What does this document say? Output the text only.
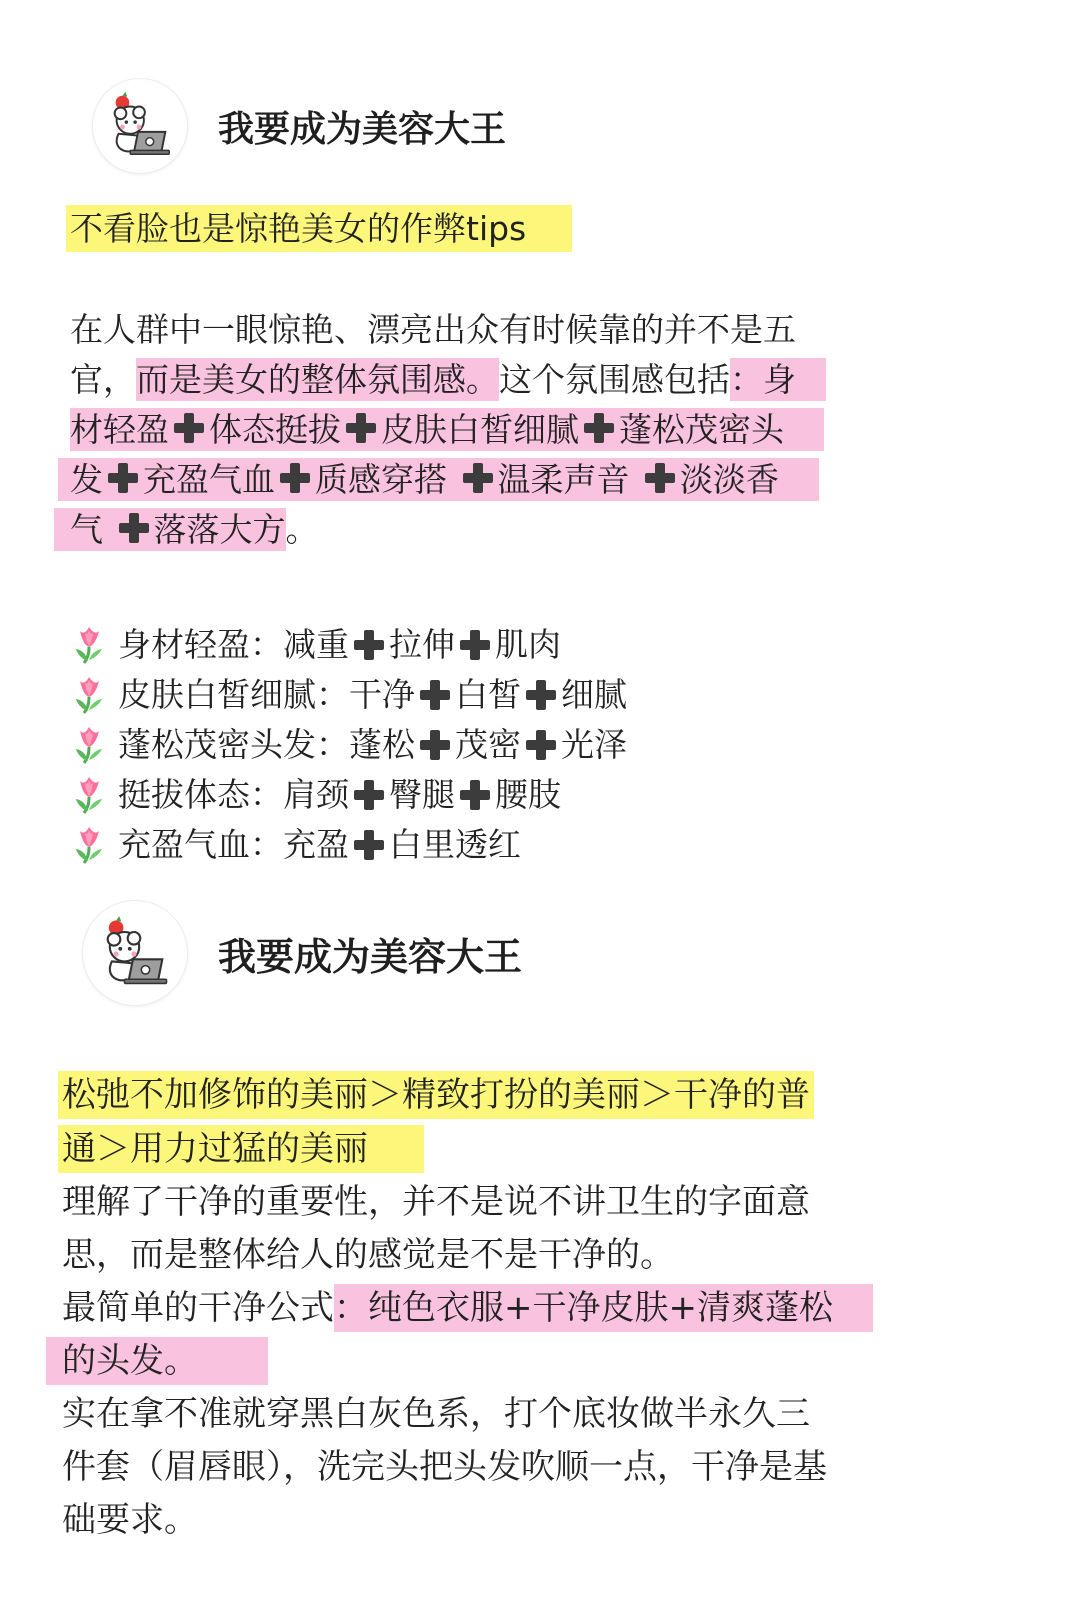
我要成为美容大王
不看脸也是惊艳美女的作弊tips
在人群中一眼惊艳、漂亮出众有时候靠的并不是五
官，而是美女的整体氛围感。这个氛围感包括：身
材轻盈 体态挺拔 皮肤白皙细腻 蓬松茂密头
发 充盈气血 质感穿搭 温柔声音 淡淡香
气 落落大方。
身材轻盈： 减重 拉伸 肌肉
皮肤白皙细腻： 干净 白皙 细腻
蓬松茂密头发： 蓬松 茂密 光泽
挺拔体态： 肩颈 臀腿 腰肢
充盈气血： 充盈 白里透红
我要成为美容大王
松弛不加修饰的美丽＞精致打扮的美丽＞干净的普
通＞用力过猛的美丽
理解了干净的重要性，并不是说不讲卫生的字面意
思，而是整体给人的感觉是不是干净的。
最简单的干净公式：纯色衣服+干净皮肤+清爽蓬松
的头发。
实在拿不准就穿黑白灰色系，打个底妆做半永久三
件套（眉唇眼），洗完头把头发吹顺一点，干净是基
础要求。
